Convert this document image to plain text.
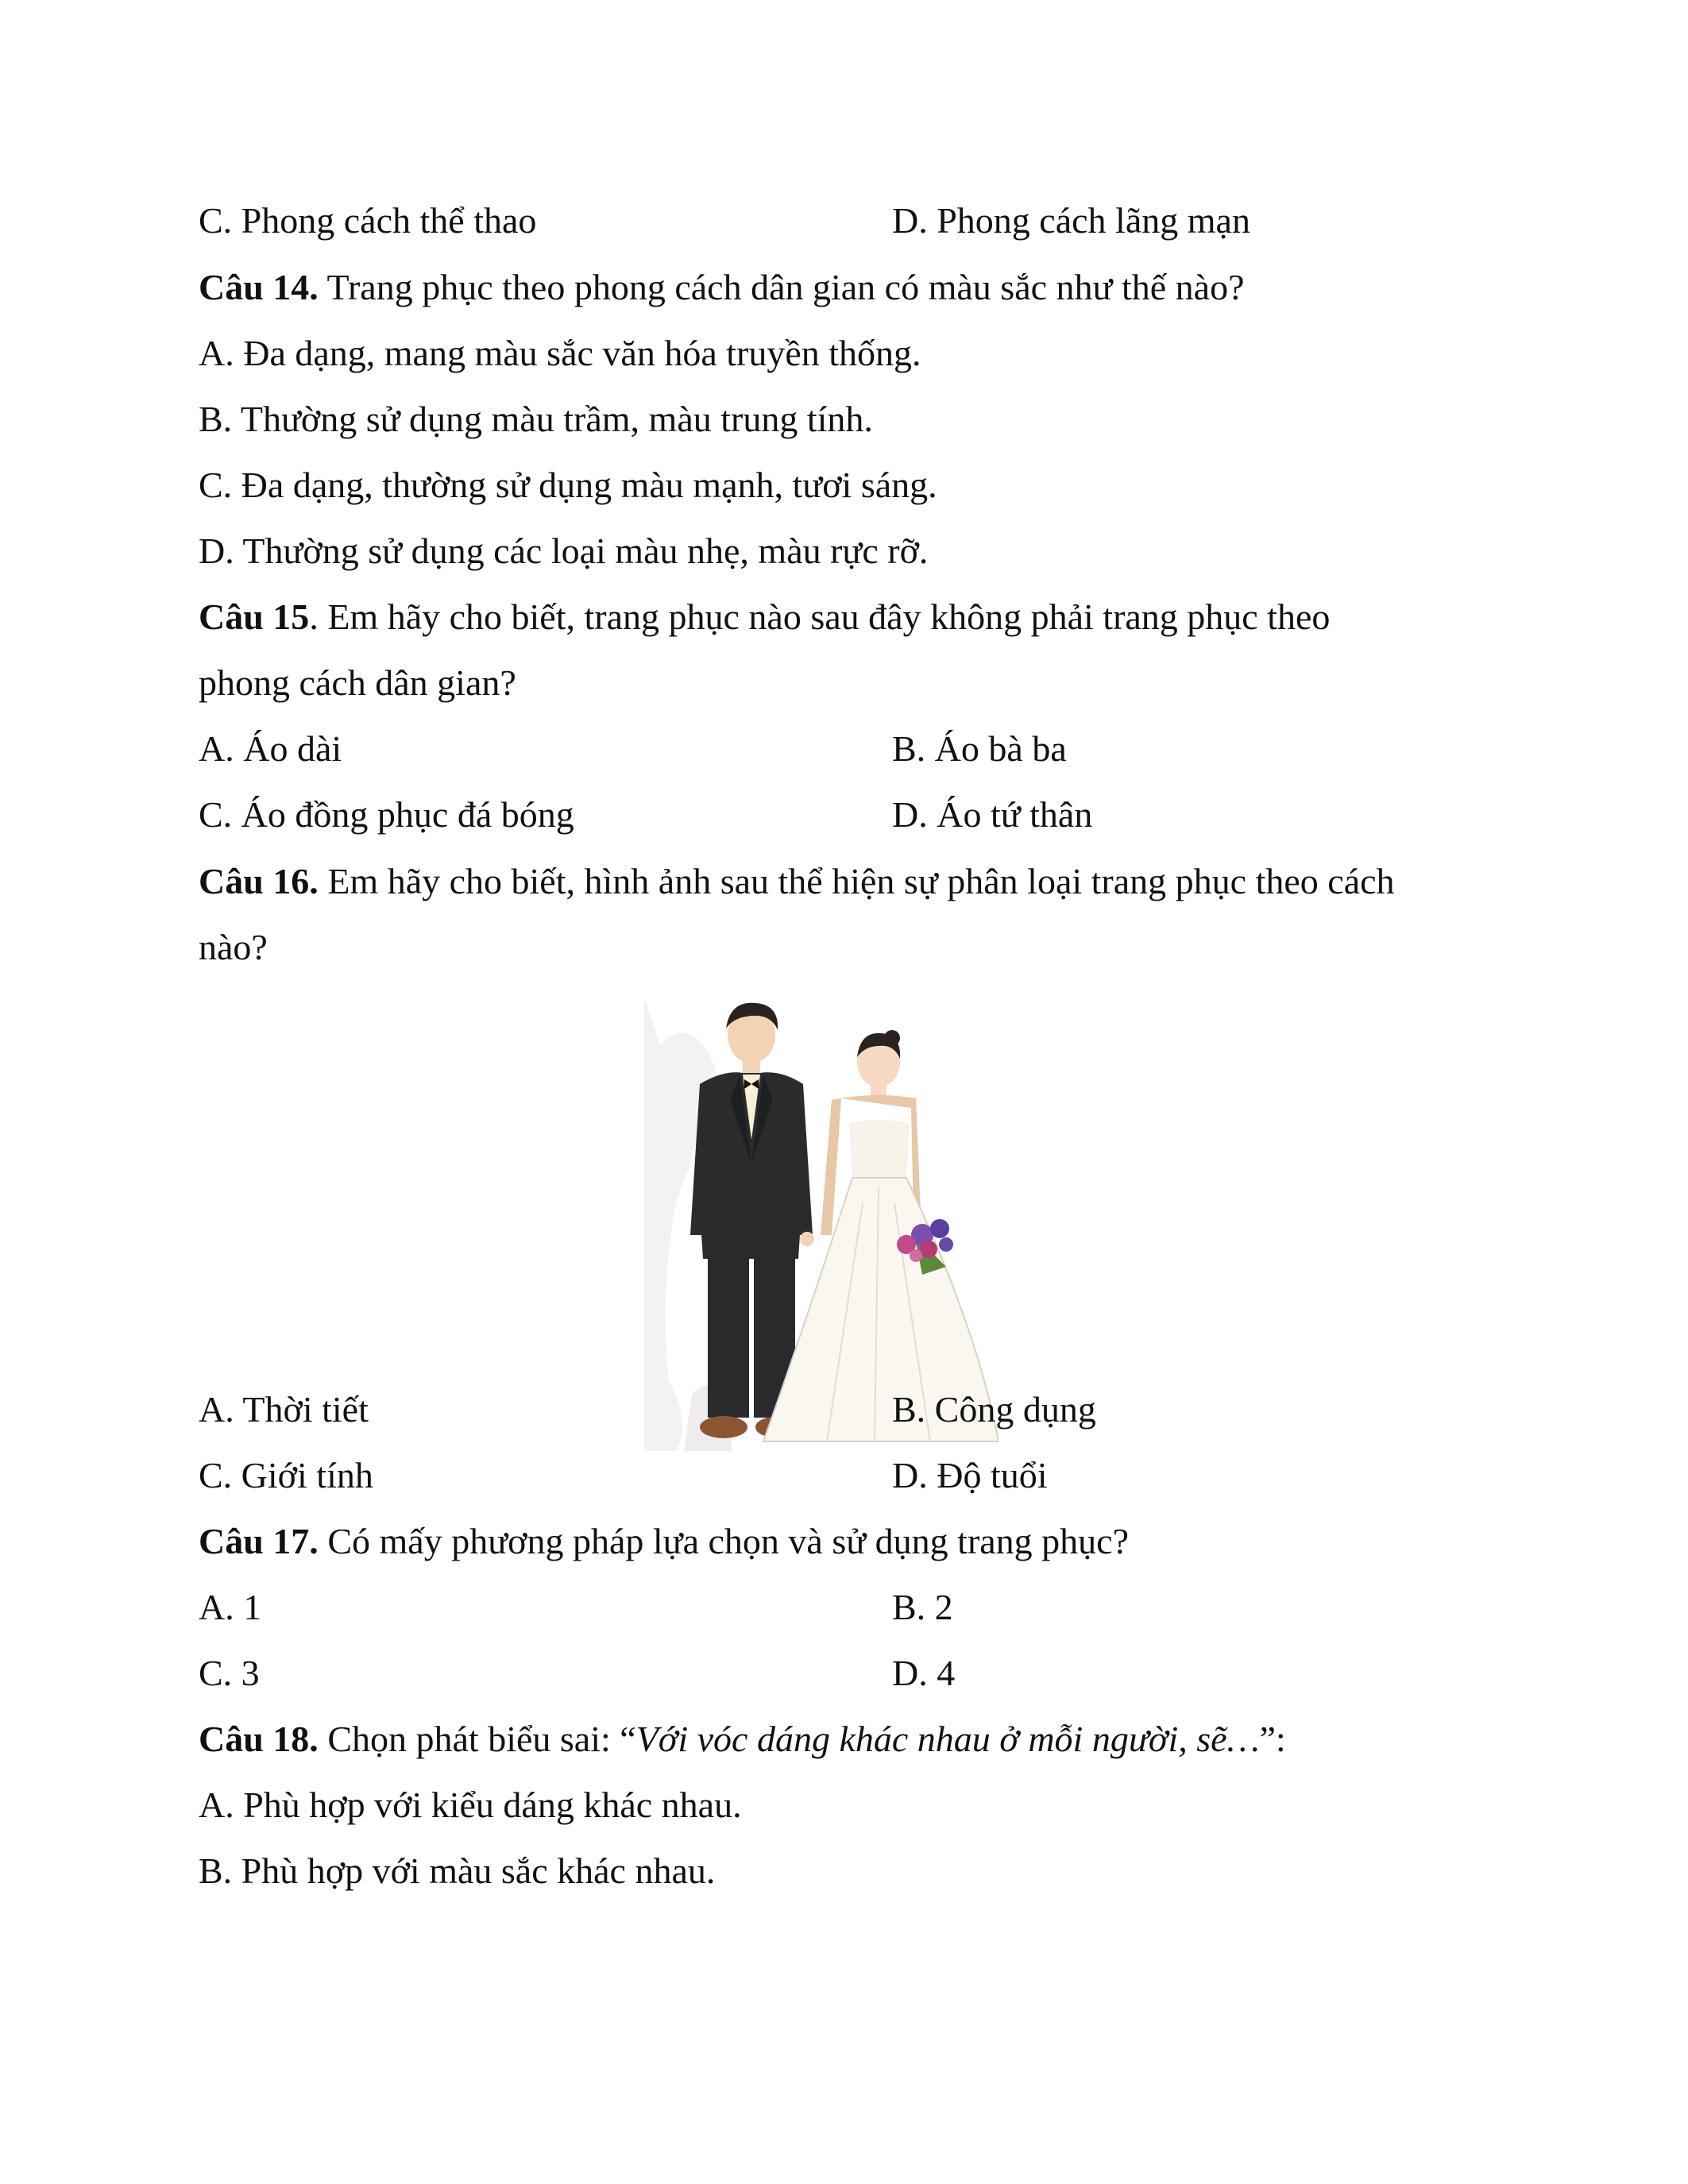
C. Phong cách thể thao	D. Phong cách lãng mạn
Câu 14. Trang phục theo phong cách dân gian có màu sắc như thế nào?
A. Đa dạng, mang màu sắc văn hóa truyền thống.
B. Thường sử dụng màu trầm, màu trung tính.
C. Đa dạng, thường sử dụng màu mạnh, tươi sáng.
D. Thường sử dụng các loại màu nhẹ, màu rực rỡ.
Câu 15. Em hãy cho biết, trang phục nào sau đây không phải trang phục theo
phong cách dân gian?
A. Áo dài	B. Áo bà ba
C. Áo đồng phục đá bóng	D. Áo tứ thân
Câu 16. Em hãy cho biết, hình ảnh sau thể hiện sự phân loại trang phục theo cách
nào?
A. Thời tiết	B. Công dụng
C. Giới tính	D. Độ tuổi
Câu 17. Có mấy phương pháp lựa chọn và sử dụng trang phục?
A. 1	B. 2
C. 3	D. 4
Câu 18. Chọn phát biểu sai: “Với vóc dáng khác nhau ở mỗi người, sẽ…”:
A. Phù hợp với kiểu dáng khác nhau.
B. Phù hợp với màu sắc khác nhau.
